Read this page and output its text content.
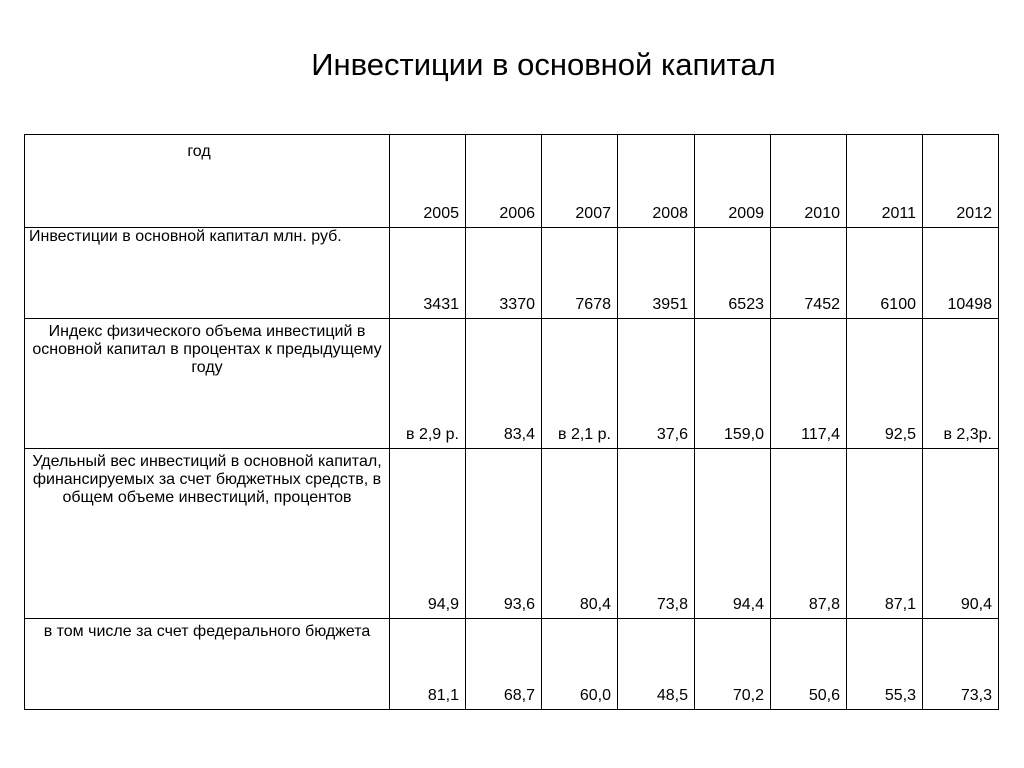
Инвестиции в основной капитал
год	2005	2006	2007	2008	2009	2010	2011	2012

Инвестиции в основной капитал млн. руб.	3431	3370	7678	3951	6523	7452	6100	10498

Индекс физического объема инвестиций в основной капитал в процентах к предыдущему году	в 2,9 р.	83,4	в 2,1 р.	37,6	159,0	117,4	92,5	в 2,3р.

Удельный вес инвестиций в основной капитал, финансируемых за счет бюджетных средств, в общем объеме инвестиций, процентов	94,9	93,6	80,4	73,8	94,4	87,8	87,1	90,4

в том числе за счет федерального бюджета	81,1	68,7	60,0	48,5	70,2	50,6	55,3	73,3
